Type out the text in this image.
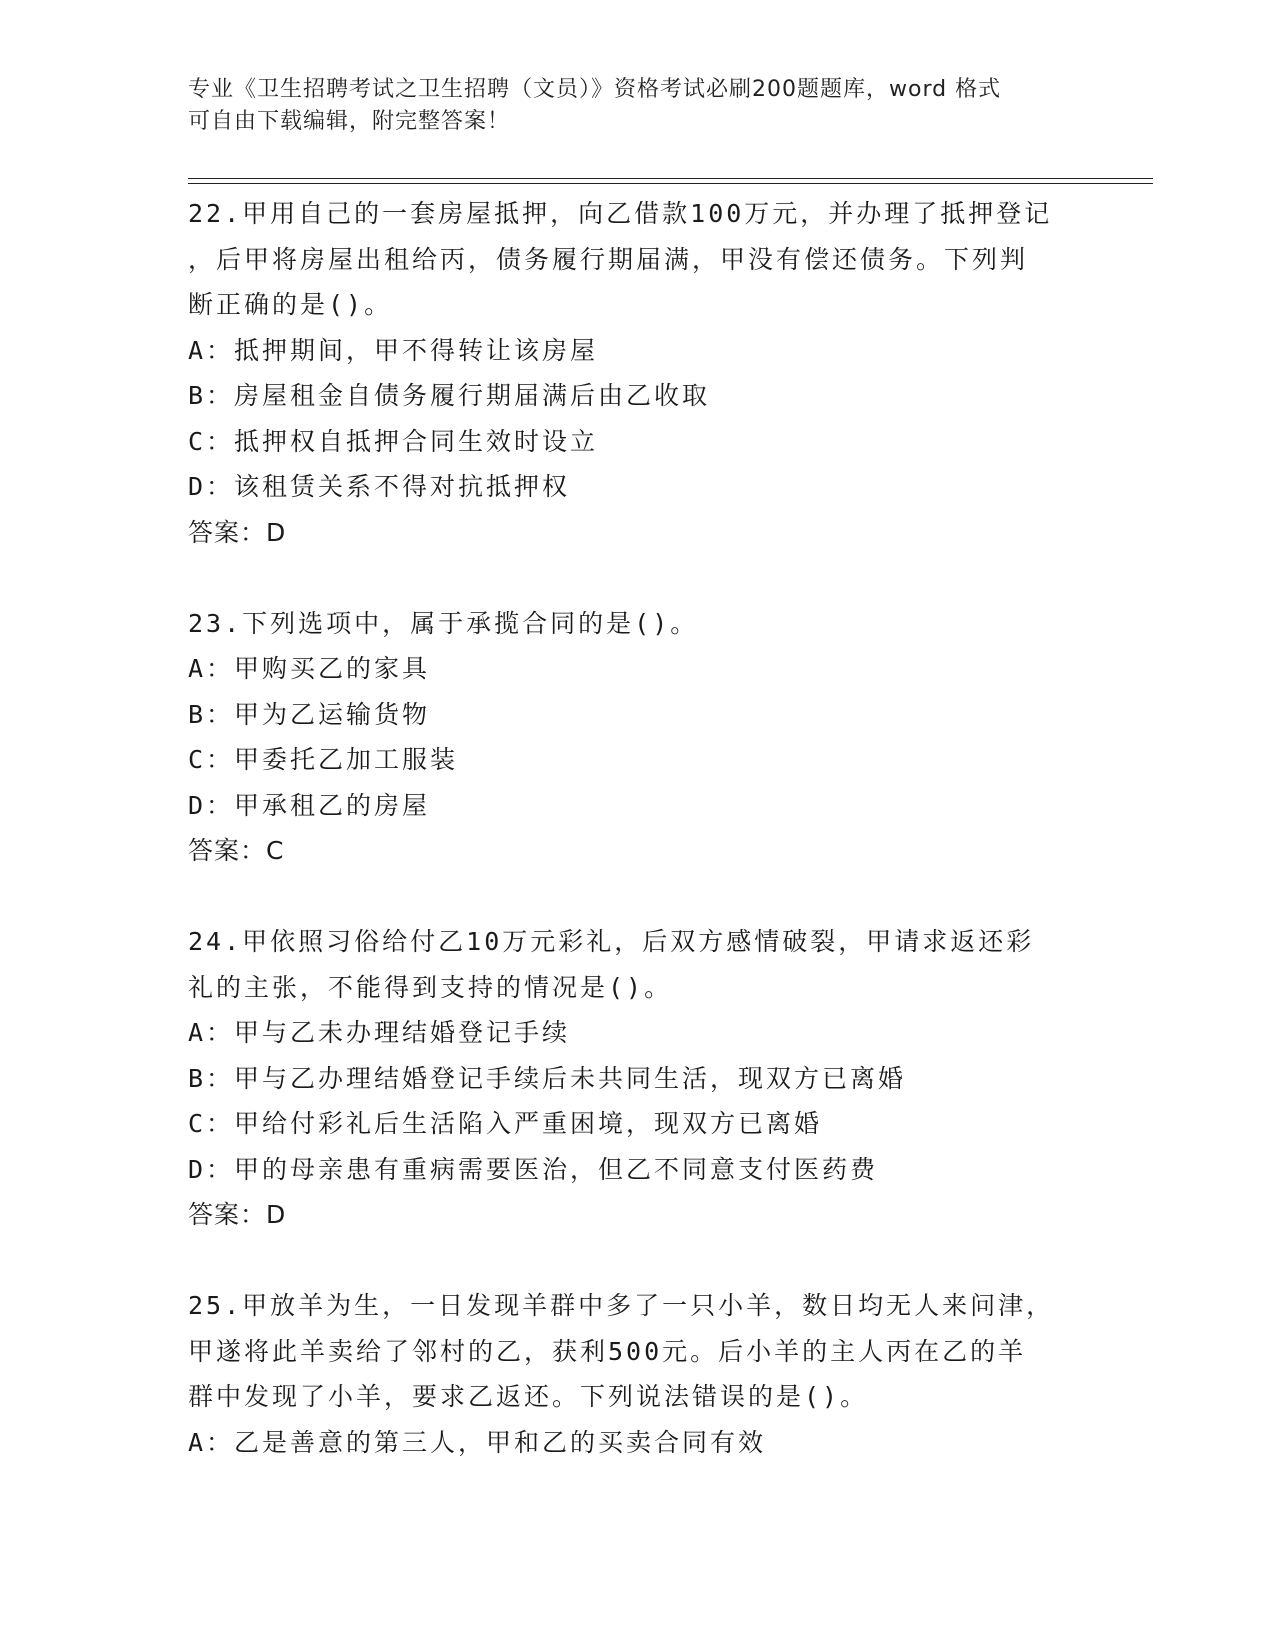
专业《卫生招聘考试之卫生招聘（文员）》资格考试必刷200题题库，word 格式
可自由下载编辑，附完整答案！
22.甲用自己的一套房屋抵押，向乙借款100万元，并办理了抵押登记
，后甲将房屋出租给丙，债务履行期届满，甲没有偿还债务。下列判
断正确的是()。
A：抵押期间，甲不得转让该房屋
B：房屋租金自债务履行期届满后由乙收取
C：抵押权自抵押合同生效时设立
D：该租赁关系不得对抗抵押权
答案：D
23.下列选项中，属于承揽合同的是()。
A：甲购买乙的家具
B：甲为乙运输货物
C：甲委托乙加工服装
D：甲承租乙的房屋
答案：C
24.甲依照习俗给付乙10万元彩礼，后双方感情破裂，甲请求返还彩
礼的主张，不能得到支持的情况是()。
A：甲与乙未办理结婚登记手续
B：甲与乙办理结婚登记手续后未共同生活，现双方已离婚
C：甲给付彩礼后生活陷入严重困境，现双方已离婚
D：甲的母亲患有重病需要医治，但乙不同意支付医药费
答案：D
25.甲放羊为生，一日发现羊群中多了一只小羊，数日均无人来问津，
甲遂将此羊卖给了邻村的乙，获利500元。后小羊的主人丙在乙的羊
群中发现了小羊，要求乙返还。下列说法错误的是()。
A：乙是善意的第三人，甲和乙的买卖合同有效
